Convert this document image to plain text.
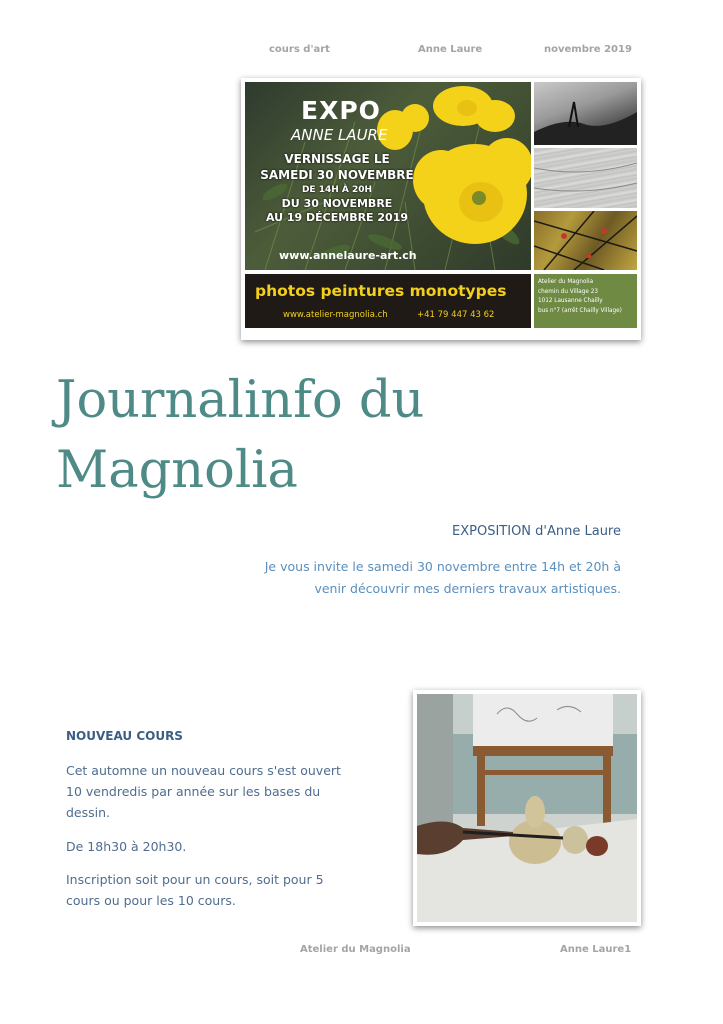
cours d'art	Anne Laure	novembre 2019
EXPO
ANNE LAURE
VERNISSAGE LE
SAMEDI 30 NOVEMBRE
DE 14H À 20H
DU 30 NOVEMBRE
AU 19 DÉCEMBRE 2019
www.annelaure-art.ch
photos peintures monotypes
www.atelier-magnolia.ch	+41 79 447 43 62
Atelier du Magnolia
chemin du Village 23
1012 Lausanne Chailly
bus n°7 (arrêt Chailly Village)
Journalinfo du
Magnolia
EXPOSITION d'Anne Laure
Je vous invite le samedi 30 novembre entre 14h et 20h à
venir découvrir mes derniers travaux artistiques.
NOUVEAU COURS
Cet automne un nouveau cours s'est ouvert
10 vendredis par année sur les bases du
dessin.
De 18h30 à 20h30.
Inscription soit pour un cours, soit pour 5
cours ou pour les 10 cours.
Atelier du Magnolia	Anne Laure1
